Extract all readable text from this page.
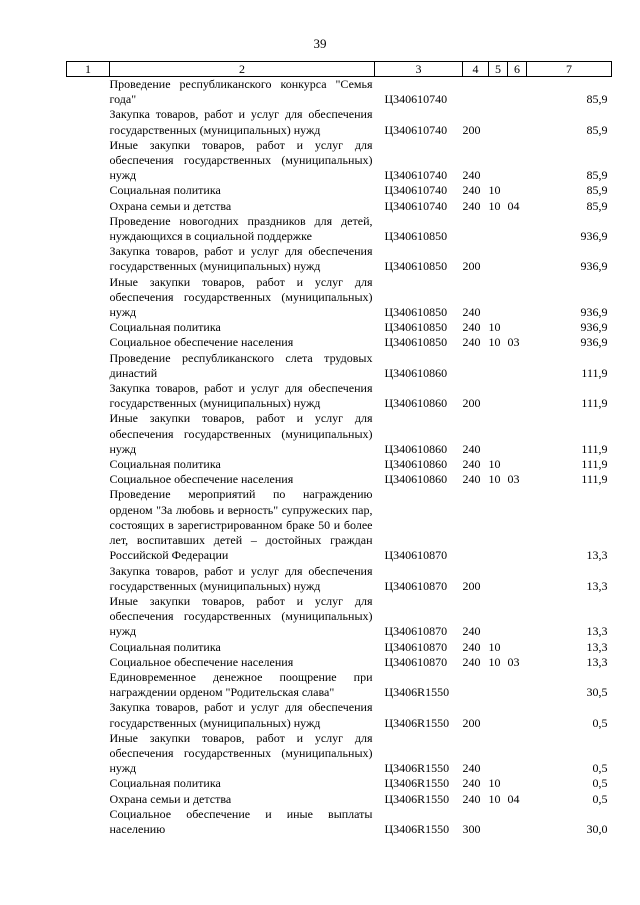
39
1	2	3	4	5	6	7
	Проведение республиканского конкурса "Семья года"	Ц340610740				85,9
	Закупка товаров, работ и услуг для обеспечения государственных (муниципальных) нужд	Ц340610740	200			85,9
	Иные закупки товаров, работ и услуг для обеспечения государственных (муниципальных) нужд	Ц340610740	240			85,9
	Социальная политика	Ц340610740	240	10		85,9
	Охрана семьи и детства	Ц340610740	240	10	04	85,9
	Проведение новогодних праздников для детей, нуждающихся в социальной поддержке	Ц340610850				936,9
	Закупка товаров, работ и услуг для обеспечения государственных (муниципальных) нужд	Ц340610850	200			936,9
	Иные закупки товаров, работ и услуг для обеспечения государственных (муниципальных) нужд	Ц340610850	240			936,9
	Социальная политика	Ц340610850	240	10		936,9
	Социальное обеспечение населения	Ц340610850	240	10	03	936,9
	Проведение республиканского слета трудовых династий	Ц340610860				111,9
	Закупка товаров, работ и услуг для обеспечения государственных (муниципальных) нужд	Ц340610860	200			111,9
	Иные закупки товаров, работ и услуг для обеспечения государственных (муниципальных) нужд	Ц340610860	240			111,9
	Социальная политика	Ц340610860	240	10		111,9
	Социальное обеспечение населения	Ц340610860	240	10	03	111,9
	Проведение мероприятий по награждению орденом "За любовь и верность" супружеских пар, состоящих в зарегистрированном браке 50 и более лет, воспитавших детей – достойных граждан Российской Федерации	Ц340610870				13,3
	Закупка товаров, работ и услуг для обеспечения государственных (муниципальных) нужд	Ц340610870	200			13,3
	Иные закупки товаров, работ и услуг для обеспечения государственных (муниципальных) нужд	Ц340610870	240			13,3
	Социальная политика	Ц340610870	240	10		13,3
	Социальное обеспечение населения	Ц340610870	240	10	03	13,3
	Единовременное денежное поощрение при награждении орденом "Родительская слава"	Ц3406R1550				30,5
	Закупка товаров, работ и услуг для обеспечения государственных (муниципальных) нужд	Ц3406R1550	200			0,5
	Иные закупки товаров, работ и услуг для обеспечения государственных (муниципальных) нужд	Ц3406R1550	240			0,5
	Социальная политика	Ц3406R1550	240	10		0,5
	Охрана семьи и детства	Ц3406R1550	240	10	04	0,5
	Социальное обеспечение и иные выплаты населению	Ц3406R1550	300			30,0
